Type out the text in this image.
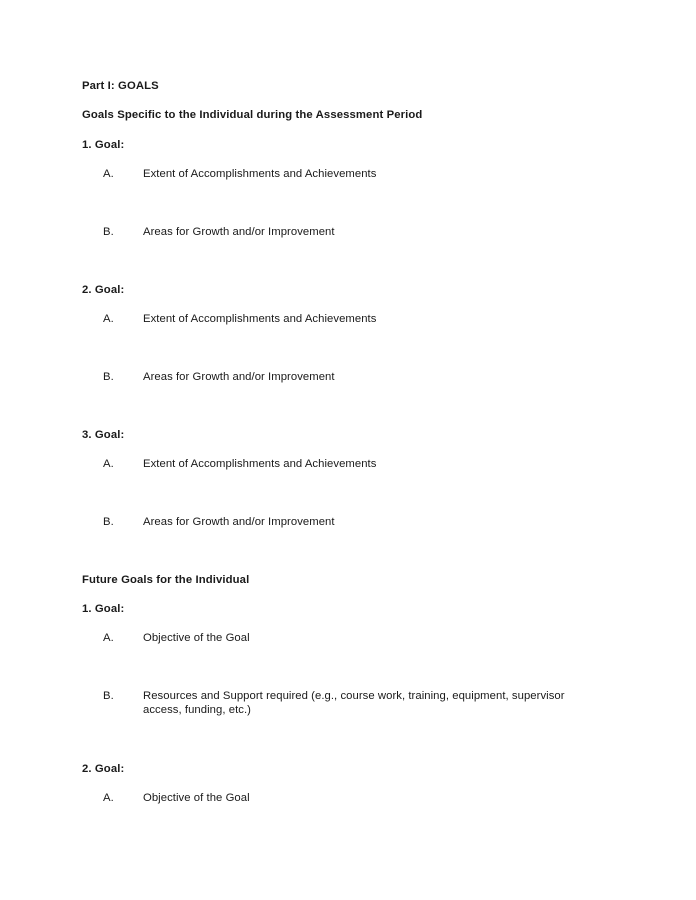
Part I: GOALS

Goals Specific to the Individual during the Assessment Period

1. Goal:

A.	Extent of Accomplishments and Achievements

B.	Areas for Growth and/or Improvement

2. Goal:

A.	Extent of Accomplishments and Achievements

B.	Areas for Growth and/or Improvement

3. Goal:

A.	Extent of Accomplishments and Achievements

B.	Areas for Growth and/or Improvement

Future Goals for the Individual

1. Goal:

A.	Objective of the Goal

B.	Resources and Support required (e.g., course work, training, equipment, supervisor access, funding, etc.)

2. Goal:

A.	Objective of the Goal
